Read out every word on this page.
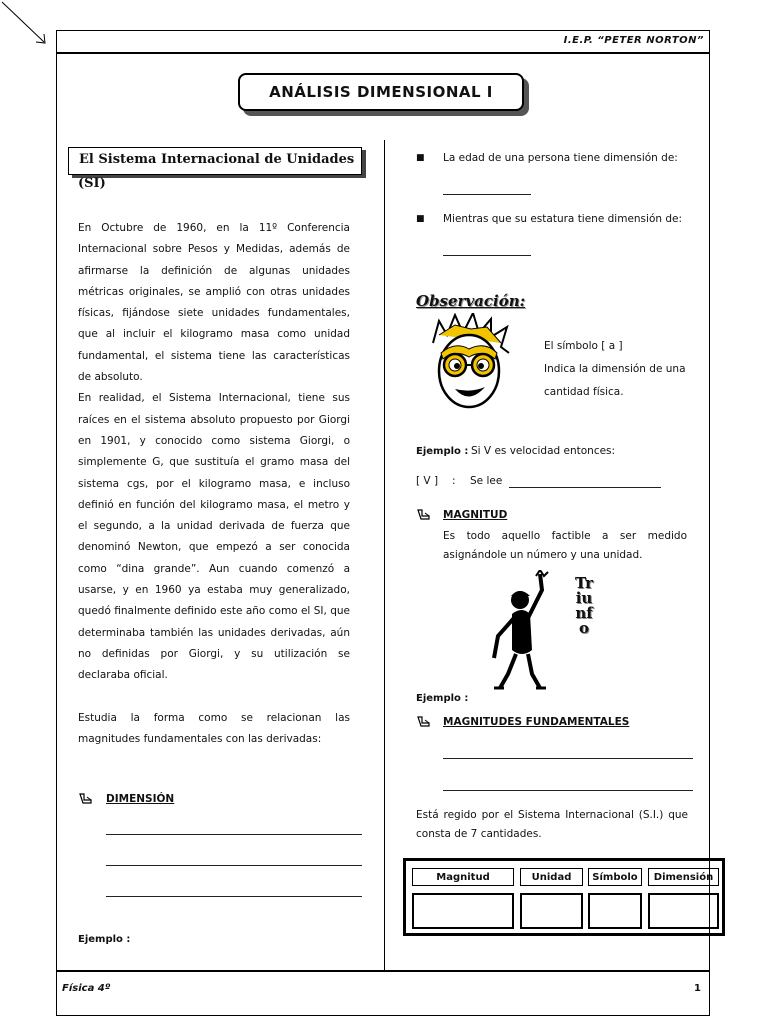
I.E.P. “PETER NORTON”
ANÁLISIS DIMENSIONAL I
El Sistema Internacional de Unidades
(SI)

En Octubre de 1960, en la 11º Conferencia Internacional sobre Pesos y Medidas, además de afirmarse la definición de algunas unidades métricas originales, se amplió con otras unidades físicas, fijándose siete unidades fundamentales, que al incluir el kilogramo masa como unidad fundamental, el sistema tiene las características de absoluto.

En realidad, el Sistema Internacional, tiene sus raíces en el sistema absoluto propuesto por Giorgi en 1901, y conocido como sistema Giorgi, o simplemente G, que sustituía el gramo masa del sistema cgs, por el kilogramo masa, e incluso definió en función del kilogramo masa, el metro y el segundo, a la unidad derivada de fuerza que denominó Newton, que empezó a ser conocida como “dina grande”. Aun cuando comenzó a usarse, y en 1960 ya estaba muy generalizado, quedó finalmente definido este año como el SI, que determinaba también las unidades derivadas, aún no definidas por Giorgi, y su utilización se declaraba oficial.

Estudia la forma como se relacionan las magnitudes fundamentales con las derivadas:
DIMENSIÓN
Ejemplo :
■ La edad de una persona tiene dimensión de:
■ Mientras que su estatura tiene dimensión de:
Observación:
El símbolo [ a ]
Indica la dimensión de una
cantidad física.
Ejemplo : Si V es velocidad entonces:
[ V ] : Se lee
MAGNITUD
Es todo aquello factible a ser medido asignándole un número y una unidad.
Triunfo
Ejemplo :
MAGNITUDES FUNDAMENTALES
Está regido por el Sistema Internacional (S.I.) que consta de 7 cantidades.
Magnitud	Unidad	Símbolo	Dimensión
Física 4º	1
